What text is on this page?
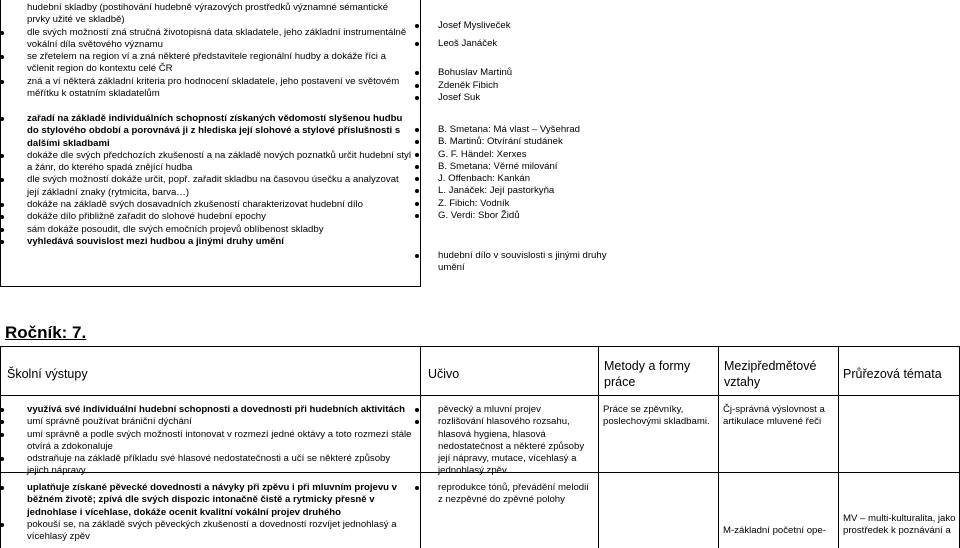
hudební skladby (postihování hudebně výrazových prostředků významné sémantické prvky užité ve skladbě)
dle svých možností zná stručná životopisná data skladatele, jeho základní instrumentálně vokální díla světového významu
se zřetelem na region ví a zná některé představitele regionální hudby a dokáže říci a včlenit region do kontextu celé ČR
zná a ví některá základní kriteria pro hodnocení skladatele, jeho postavení ve světovém měřítku k ostatním skladatelům
zařadí na základě individuálních schopností získaných vědomostí slyšenou hudbu do stylového období a porovnává ji z hlediska její slohové a stylové příslušnosti s dalšími skladbami
dokáže dle svých předchozích zkušeností a na základě nových poznatků určit hudební styl a žánr, do kterého spadá znějící hudba
dle svých možností dokáže určit, popř. zařadit skladbu na časovou úsečku a analyzovat její základní znaky (rytmicita, barva…)
dokáže na základě svých dosavadních zkušeností charakterizovat hudební dílo
dokáže dílo přibližně zařadit do slohové hudební epochy
sám dokáže posoudit, dle svých emočních projevů oblíbenost skladby
vyhledává souvislost mezi hudbou a jinými druhy umění
Josef Mysliveček
Leoš Janáček
Bohuslav Martinů
Zdeněk Fibich
Josef Suk
B. Smetana: Má vlast – Vyšehrad
B. Martinů: Otvírání studánek
G. F. Händel: Xerxes
B. Smetana: Věrné milování
J. Offenbach: Kankán
L. Janáček: Její pastorkyňa
Z. Fibich: Vodník
G. Verdi: Sbor Židů
hudební dílo v souvislosti s jinými druhy umění
Ročník: 7.
Školní výstupy	Učivo
Metody a formy práce
Mezipředmětové vztahy
Průřezová témata
využívá své individuální hudební schopnosti a dovednosti při hudebních aktivitách
umí správně používat brániční dýchání
umí správně a podle svých možností intonovat v rozmezí jedné oktávy a toto rozmezí stále otvírá a zdokonaluje
odstraňuje na základě příkladu své hlasové nedostatečnosti a učí se některé způsoby jejich nápravy
pěvecký a mluvní projev
rozlišování hlasového rozsahu, hlasová hygiena, hlasová nedostatečnost a některé způsoby její nápravy, mutace, vícehlasý a jednohlasý zpěv
Práce se zpěvníky, poslechovými skladbami.
Čj-správná výslovnost a artikulace mluvené řeči
uplatňuje získané pěvecké dovednosti a návyky při zpěvu i při mluvním projevu v běžném životě; zpívá dle svých dispozic intonačně čistě a rytmicky přesně v jednohlase i vícehlase, dokáže ocenit kvalitní vokální projev druhého
pokouší se, na základě svých pěveckých zkušeností a dovedností rozvíjet jednohlasý a vícehlasý zpěv
reprodukce tónů, převádění melodií z nezpěvné do zpěvné polohy
M-základní početní ope-
MV – multi-kulturalita, jako prostředek k poznávání a
